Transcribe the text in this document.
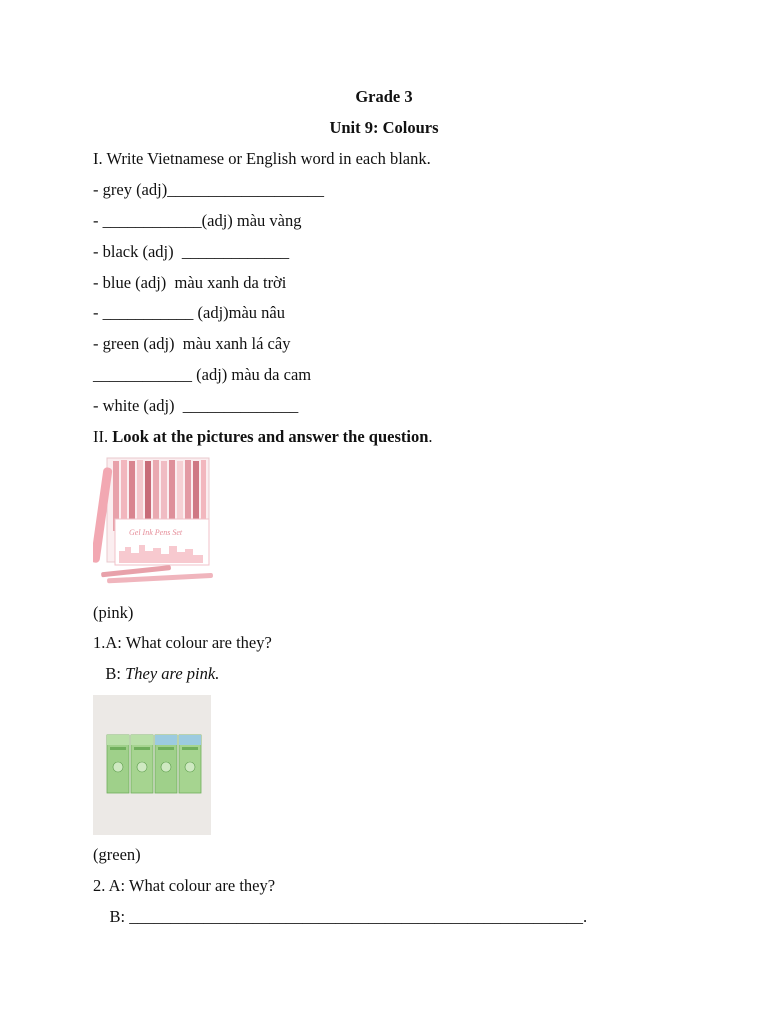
Grade 3
Unit 9: Colours
I. Write Vietnamese or English word in each blank.
- grey (adj)___________________
- ____________(adj) màu vàng
- black (adj)  _____________
- blue (adj)  màu xanh da trời
- ___________ (adj)màu nâu
- green (adj)  màu xanh lá cây
____________ (adj) màu da cam
- white (adj)  ______________
II. Look at the pictures and answer the question.
Gel Ink Pens Set
(pink)
1.A: What colour are they?
B: They are pink.
(green)
2. A: What colour are they?
B: _______________________________________________________.
